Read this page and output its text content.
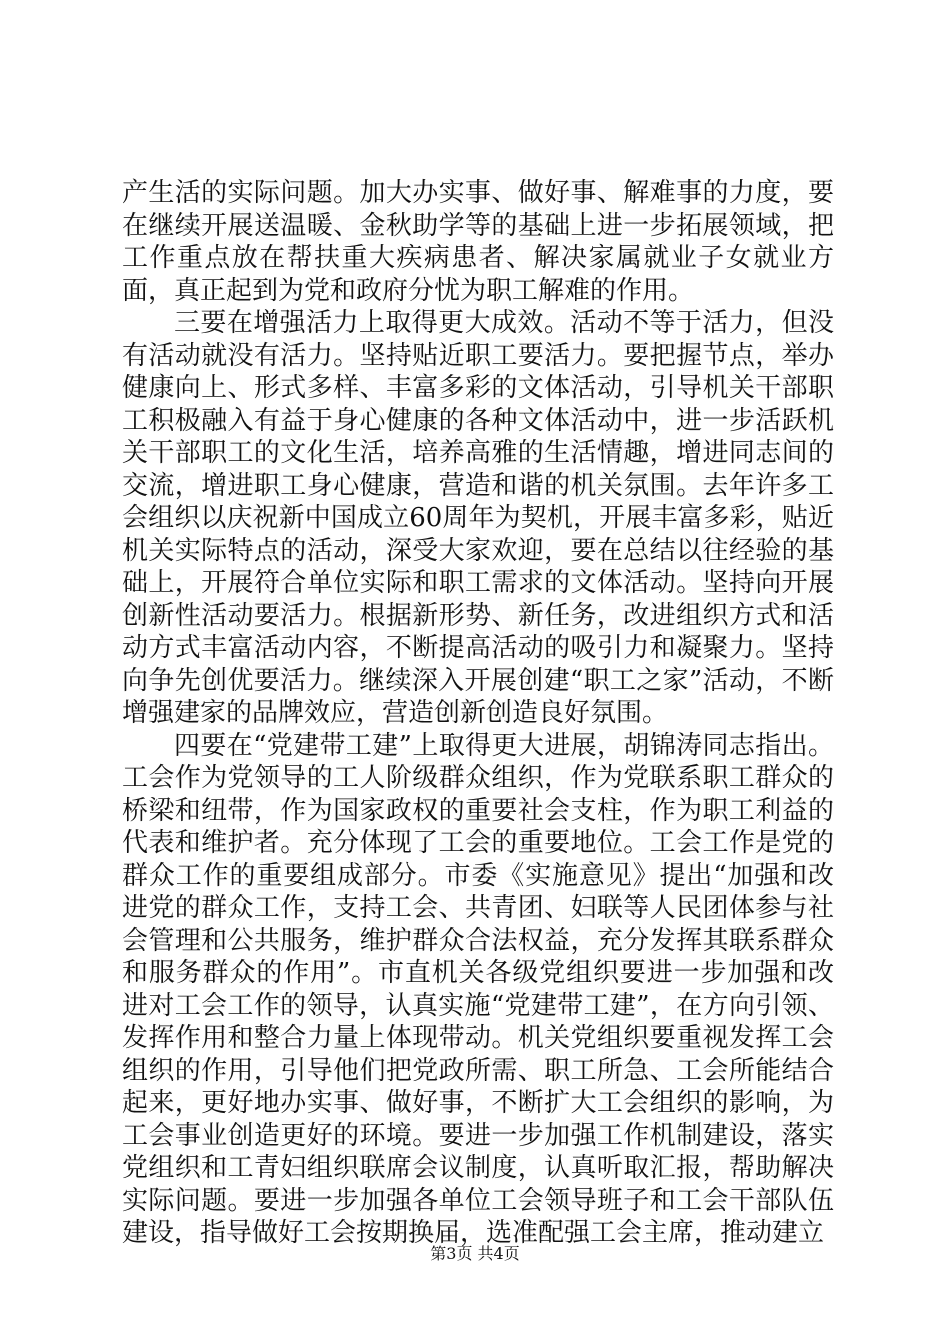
产生活的实际问题。加大办实事、做好事、解难事的力度，要在继续开展送温暖、金秋助学等的基础上进一步拓展领域，把工作重点放在帮扶重大疾病患者、解决家属就业子女就业方面，真正起到为党和政府分忧为职工解难的作用。

三要在增强活力上取得更大成效。活动不等于活力，但没有活动就没有活力。坚持贴近职工要活力。要把握节点，举办健康向上、形式多样、丰富多彩的文体活动，引导机关干部职工积极融入有益于身心健康的各种文体活动中，进一步活跃机关干部职工的文化生活，培养高雅的生活情趣，增进同志间的交流，增进职工身心健康，营造和谐的机关氛围。去年许多工会组织以庆祝新中国成立60周年为契机，开展丰富多彩，贴近机关实际特点的活动，深受大家欢迎，要在总结以往经验的基础上，开展符合单位实际和职工需求的文体活动。坚持向开展创新性活动要活力。根据新形势、新任务，改进组织方式和活动方式丰富活动内容，不断提高活动的吸引力和凝聚力。坚持向争先创优要活力。继续深入开展创建“职工之家”活动，不断增强建家的品牌效应，营造创新创造良好氛围。

四要在“党建带工建”上取得更大进展，胡锦涛同志指出。工会作为党领导的工人阶级群众组织，作为党联系职工群众的桥梁和纽带，作为国家政权的重要社会支柱，作为职工利益的代表和维护者。充分体现了工会的重要地位。工会工作是党的群众工作的重要组成部分。市委《实施意见》提出“加强和改进党的群众工作，支持工会、共青团、妇联等人民团体参与社会管理和公共服务，维护群众合法权益，充分发挥其联系群众和服务群众的作用”。市直机关各级党组织要进一步加强和改进对工会工作的领导，认真实施“党建带工建”，在方向引领、发挥作用和整合力量上体现带动。机关党组织要重视发挥工会组织的作用，引导他们把党政所需、职工所急、工会所能结合起来，更好地办实事、做好事，不断扩大工会组织的影响，为工会事业创造更好的环境。要进一步加强工作机制建设，落实党组织和工青妇组织联席会议制度，认真听取汇报，帮助解决实际问题。要进一步加强各单位工会领导班子和工会干部队伍建设，指导做好工会按期换届，选准配强工会主席，推动建立

第3页 共4页
